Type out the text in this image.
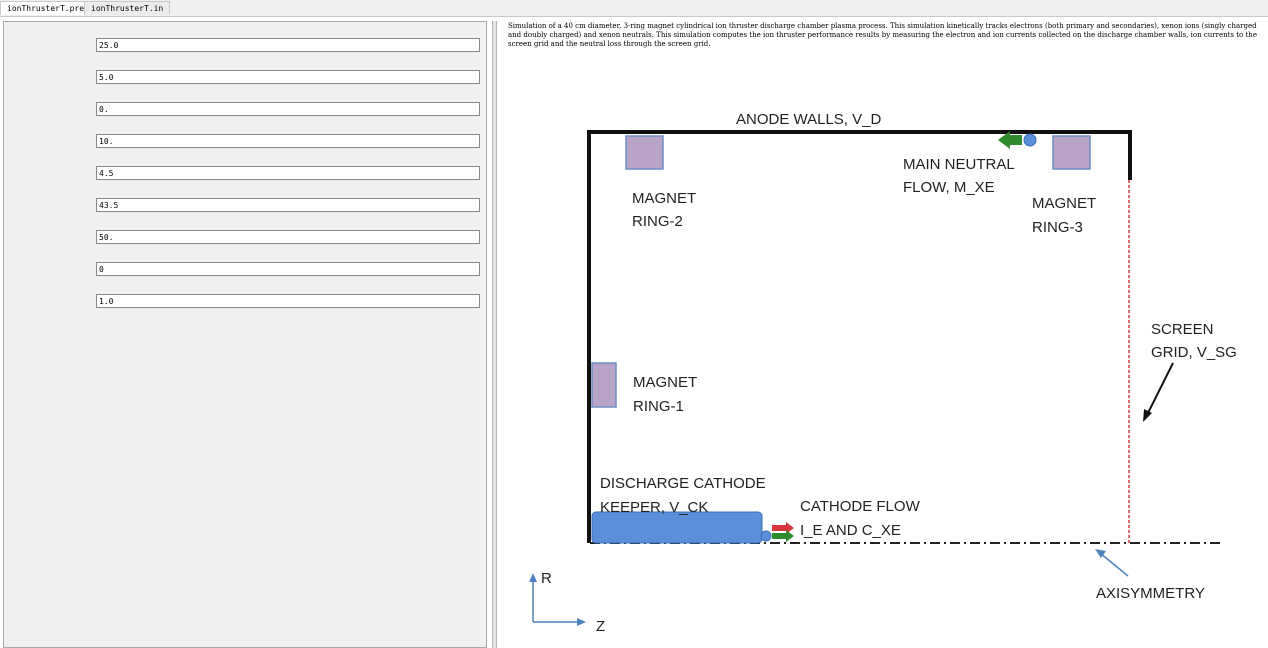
ionThrusterT.pre ionThrusterT.in
25.0
5.0
0.
10.
4.5
43.5
50.
0
1.0
Simulation of a 40 cm diameter, 3-ring magnet cylindrical ion thruster discharge chamber plasma process. This simulation kinetically tracks electrons (both primary and secondaries), xenon ions (singly charged and doubly charged) and xenon neutrals. This simulation computes the ion thruster performance results by measuring the electron and ion currents collected on the discharge chamber walls, ion currents to the screen grid and the neutral loss through the screen grid.
ANODE WALLS, V_D
MAIN NEUTRAL
FLOW, M_XE
MAGNET
RING-2
MAGNET
RING-3
SCREEN
GRID, V_SG
MAGNET
RING-1
DISCHARGE CATHODE
KEEPER, V_CK	CATHODE FLOW
I_E AND C_XE
AXISYMMETRY
R
Z
